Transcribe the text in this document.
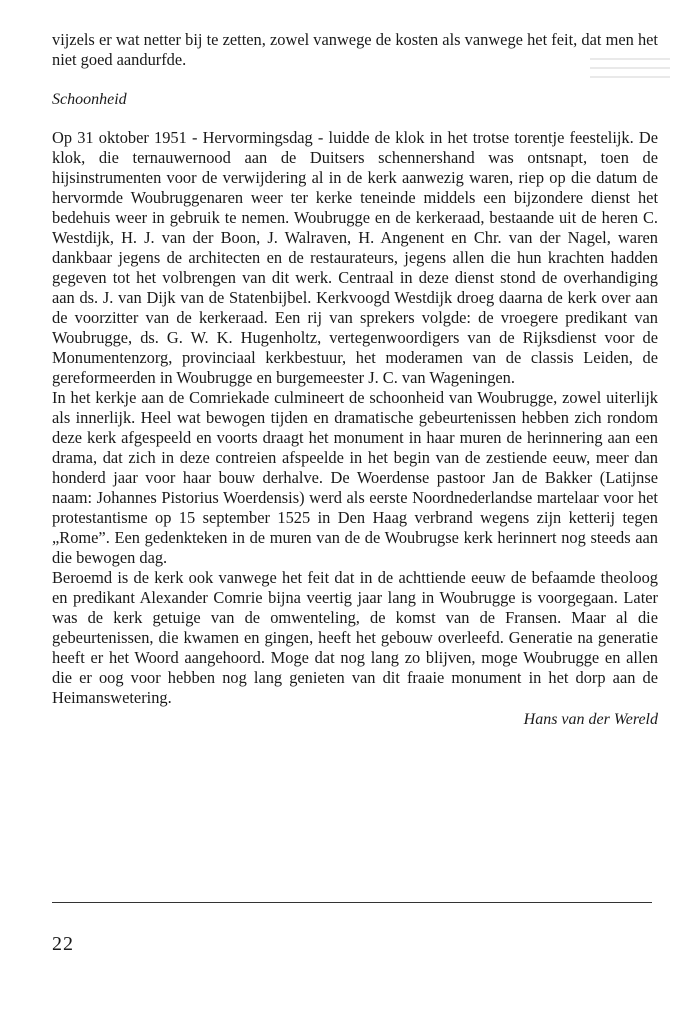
vijzels er wat netter bij te zetten, zowel vanwege de kosten als vanwege het feit, dat men het niet goed aandurfde.

Schoonheid

Op 31 oktober 1951 - Hervormingsdag - luidde de klok in het trotse torentje feestelijk. De klok, die ternauwernood aan de Duitsers schennershand was ontsnapt, toen de hijsinstrumenten voor de verwijdering al in de kerk aanwezig waren, riep op die datum de hervormde Woubruggenaren weer ter kerke teneinde middels een bijzondere dienst het bedehuis weer in gebruik te nemen. Woubrugge en de kerkeraad, bestaande uit de heren C. Westdijk, H. J. van der Boon, J. Walraven, H. Angenent en Chr. van der Nagel, waren dankbaar jegens de architecten en de restaurateurs, jegens allen die hun krachten hadden gegeven tot het volbrengen van dit werk. Centraal in deze dienst stond de overhandiging aan ds. J. van Dijk van de Statenbijbel. Kerkvoogd Westdijk droeg daarna de kerk over aan de voorzitter van de kerkeraad. Een rij van sprekers volgde: de vroegere predikant van Woubrugge, ds. G. W. K. Hugenholtz, vertegenwoordigers van de Rijksdienst voor de Monumentenzorg, provinciaal kerkbestuur, het moderamen van de classis Leiden, de gereformeerden in Woubrugge en burgemeester J. C. van Wageningen.

In het kerkje aan de Comriekade culmineert de schoonheid van Woubrugge, zowel uiterlijk als innerlijk. Heel wat bewogen tijden en dramatische gebeurtenissen hebben zich rondom deze kerk afgespeeld en voorts draagt het monument in haar muren de herinnering aan een drama, dat zich in deze contreien afspeelde in het begin van de zestiende eeuw, meer dan honderd jaar voor haar bouw derhalve. De Woerdense pastoor Jan de Bakker (Latijnse naam: Johannes Pistorius Woerdensis) werd als eerste Noordnederlandse martelaar voor het protestantisme op 15 september 1525 in Den Haag verbrand wegens zijn ketterij tegen „Rome”. Een gedenkteken in de muren van de de Woubrugse kerk herinnert nog steeds aan die bewogen dag.

Beroemd is de kerk ook vanwege het feit dat in de achttiende eeuw de befaamde theoloog en predikant Alexander Comrie bijna veertig jaar lang in Woubrugge is voorgegaan. Later was de kerk getuige van de omwenteling, de komst van de Fransen. Maar al die gebeurtenissen, die kwamen en gingen, heeft het gebouw overleefd. Generatie na generatie heeft er het Woord aangehoord. Moge dat nog lang zo blijven, moge Woubrugge en allen die er oog voor hebben nog lang genieten van dit fraaie monument in het dorp aan de Heimanswetering.

Hans van der Wereld
22
